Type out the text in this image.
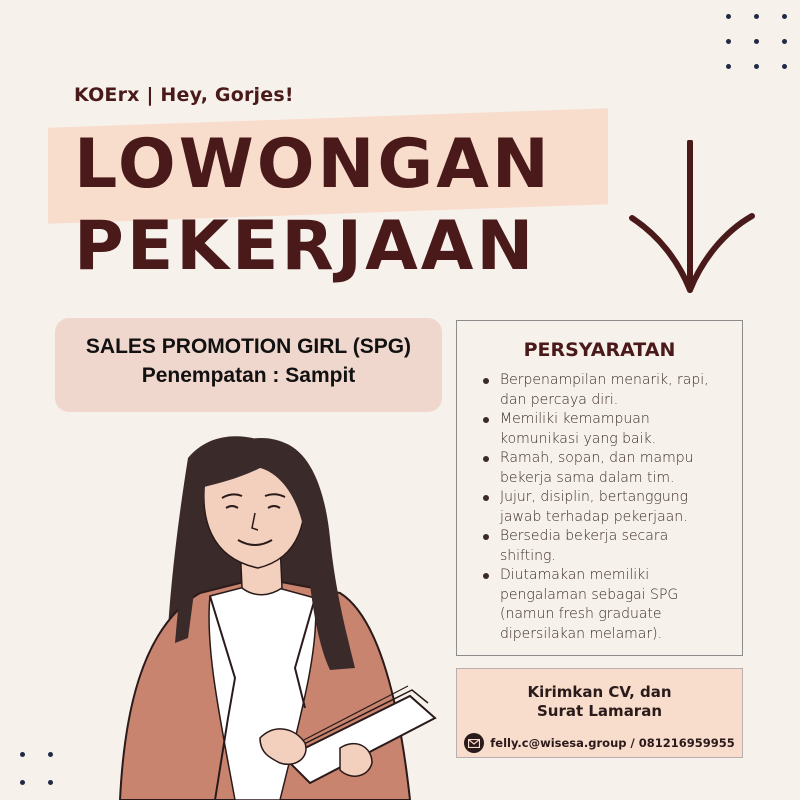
KOErx | Hey, Gorjes!
LOWONGAN
PEKERJAAN
SALES PROMOTION GIRL (SPG)
Penempatan : Sampit
PERSYARATAN
Berpenampilan menarik, rapi, dan percaya diri.
Memiliki kemampuan komunikasi yang baik.
Ramah, sopan, dan mampu bekerja sama dalam tim.
Jujur, disiplin, bertanggung jawab terhadap pekerjaan.
Bersedia bekerja secara shifting.
Diutamakan memiliki pengalaman sebagai SPG (namun fresh graduate dipersilakan melamar).
Kirimkan CV, dan
Surat Lamaran
felly.c@wisesa.group / 081216959955
